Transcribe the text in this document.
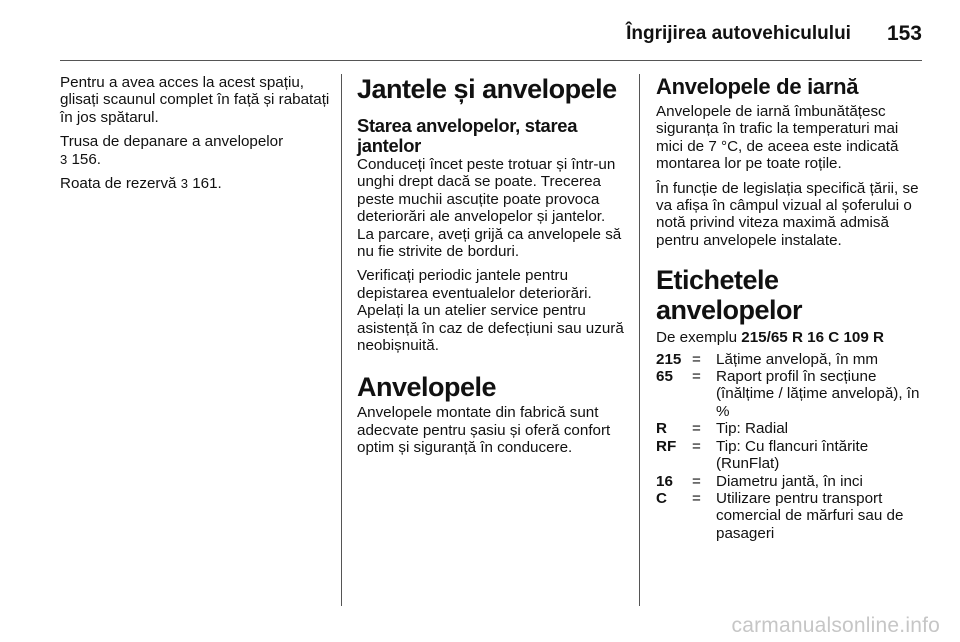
Îngrijirea autovehiculului 153

Pentru a avea acces la acest spațiu, glisați scaunul complet în față și rabatați în jos spătarul.

Trusa de depanare a anvelopelor
3 156.

Roata de rezervă 3 161.

Jantele și anvelopele
Starea anvelopelor, starea jantelor

Conduceți încet peste trotuar și într-un unghi drept dacă se poate. Trecerea peste muchii ascuțite poate provoca deteriorări ale anvelopelor și jantelor. La parcare, aveți grijă ca anvelopele să nu fie strivite de borduri.

Verificați periodic jantele pentru depistarea eventualelor deteriorări. Apelați la un atelier service pentru asistență în caz de defecțiuni sau uzură neobișnuită.

Anvelopele

Anvelopele montate din fabrică sunt adecvate pentru șasiu și oferă confort optim și siguranță în conducere.

Anvelopele de iarnă

Anvelopele de iarnă îmbunătățesc siguranța în trafic la temperaturi mai mici de 7 °C, de aceea este indicată montarea lor pe toate roțile.

În funcție de legislația specifică țării, se va afișa în câmpul vizual al șoferului o notă privind viteza maximă admisă pentru anvelopele instalate.

Etichetele anvelopelor

De exemplu 215/65 R 16 C 109 R

215 = Lățime anvelopă, în mm
65	= Raport profil în secțiune (înălțime / lățime anvelopă), în %
R	= Tip: Radial
RF	= Tip: Cu flancuri întărite (RunFlat)
16	= Diametru jantă, în inci
C	= Utilizare pentru transport comercial de mărfuri sau de pasageri
carmanualsonline.info
